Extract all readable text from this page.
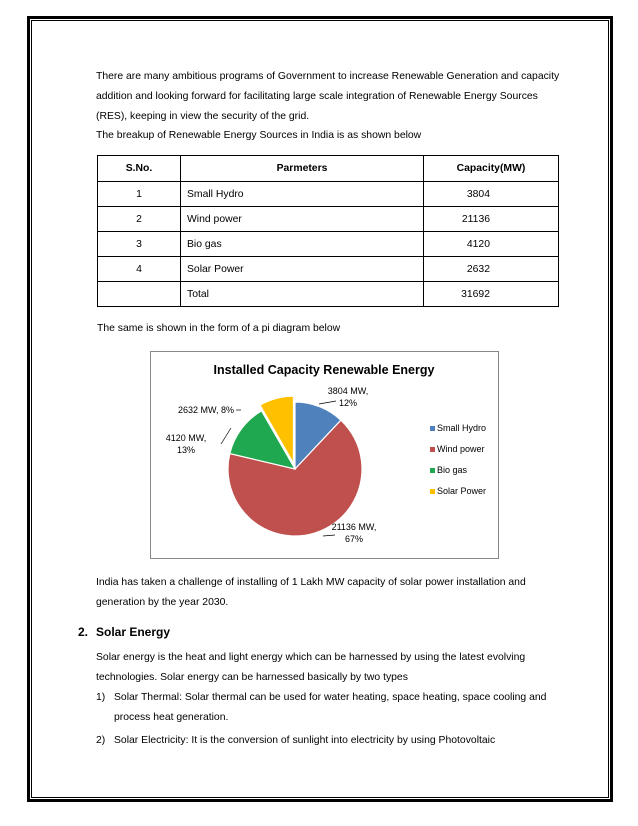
There are many ambitious programs of Government to increase Renewable Generation and capacity
addition and looking forward for facilitating large scale integration of Renewable Energy Sources
(RES), keeping in view the security of the grid.
The breakup of Renewable Energy Sources in India is as shown below
S.No.	Parmeters	Capacity(MW)
1	Small Hydro	3804
2	Wind power	21136
3	Bio gas	4120
4	Solar Power	2632
	Total	31692
The same is shown in the form of a pi diagram below
Installed Capacity Renewable Energy
3804 MW, 12%
21136 MW, 67%
4120 MW, 13%
2632 MW, 8%
Small Hydro
Wind power
Bio gas
Solar Power
India has taken a challenge of installing of 1 Lakh MW capacity of solar power installation and
generation by the year 2030.
2. Solar Energy
Solar energy is the heat and light energy which can be harnessed by using the latest evolving
technologies. Solar energy can be harnessed basically by two types
1) Solar Thermal: Solar thermal can be used for water heating, space heating, space cooling and
process heat generation.
2) Solar Electricity: It is the conversion of sunlight into electricity by using Photovoltaic
